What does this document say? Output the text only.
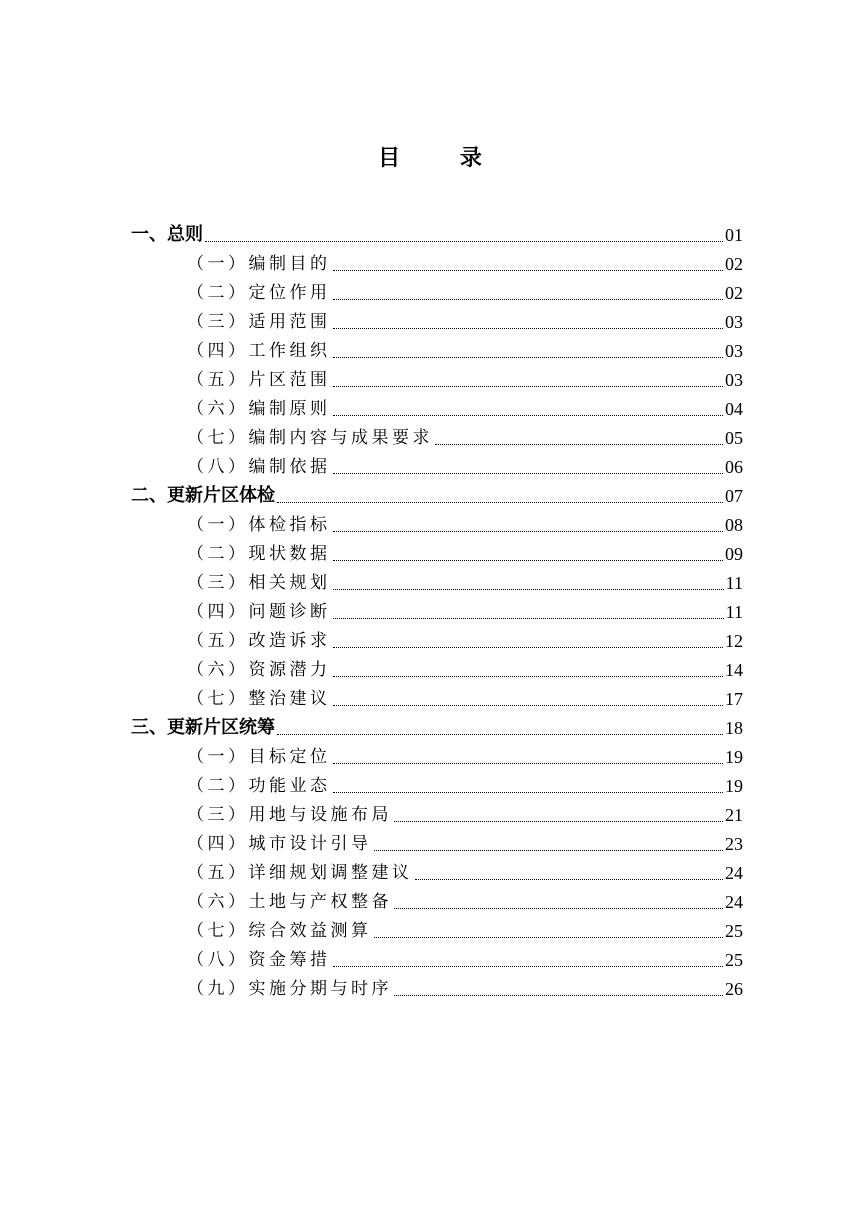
目 录
一、总则	01
（一）编制目的	02
（二）定位作用	02
（三）适用范围	03
（四）工作组织	03
（五）片区范围	03
（六）编制原则	04
（七）编制内容与成果要求	05
（八）编制依据	06
二、更新片区体检	07
（一）体检指标	08
（二）现状数据	09
（三）相关规划	11
（四）问题诊断	11
（五）改造诉求	12
（六）资源潜力	14
（七）整治建议	17
三、更新片区统筹	18
（一）目标定位	19
（二）功能业态	19
（三）用地与设施布局	21
（四）城市设计引导	23
（五）详细规划调整建议	24
（六）土地与产权整备	24
（七）综合效益测算	25
（八）资金筹措	25
（九）实施分期与时序	26
